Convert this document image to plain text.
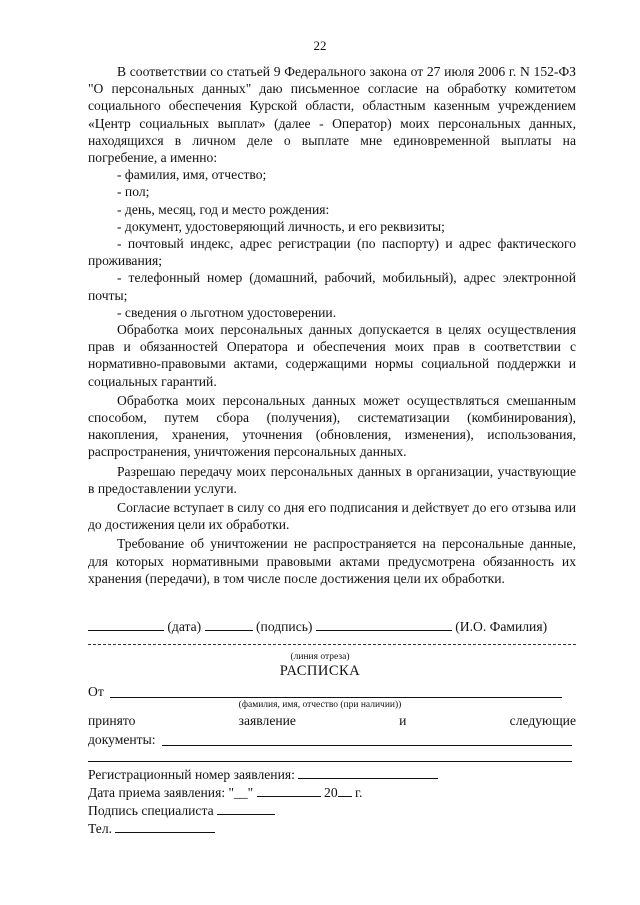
22

В соответствии со статьей 9 Федерального закона от 27 июля 2006 г. N 152-ФЗ "О персональных данных" даю письменное согласие на обработку комитетом социального обеспечения Курской области, областным казенным учреждением «Центр социальных выплат» (далее - Оператор) моих персональных данных, находящихся в личном деле о выплате мне единовременной выплаты на погребение, а именно:

- фамилия, имя, отчество;

- пол;

- день, месяц, год и место рождения:

- документ, удостоверяющий личность, и его реквизиты;

- почтовый индекс, адрес регистрации (по паспорту) и адрес фактического проживания;

- телефонный номер (домашний, рабочий, мобильный), адрес электронной почты;

- сведения о льготном удостоверении.

Обработка моих персональных данных допускается в целях осуществления прав и обязанностей Оператора и обеспечения моих прав в соответствии с нормативно-правовыми актами, содержащими нормы социальной поддержки и социальных гарантий.

Обработка моих персональных данных может осуществляться смешанным способом, путем сбора (получения), систематизации (комбинирования), накопления, хранения, уточнения (обновления, изменения), использования, распространения, уничтожения персональных данных.

Разрешаю передачу моих персональных данных в организации, участвующие в предоставлении услуги.

Согласие вступает в силу со дня его подписания и действует до его отзыва или до достижения цели их обработки.

Требование об уничтожении не распространяется на персональные данные, для которых нормативными правовыми актами предусмотрена обязанность их хранения (передачи), в том числе после достижения цели их обработки.

(дата)	(подпись)	(И.О. Фамилия)
(линия отреза)
РАСПИСКА
От
(фамилия, имя, отчество (при наличии))
принято	заявление	и	следующие
документы:
Регистрационный номер заявления:
Дата приема заявления: "__"	20 г.
Подпись специалиста
Тел.
